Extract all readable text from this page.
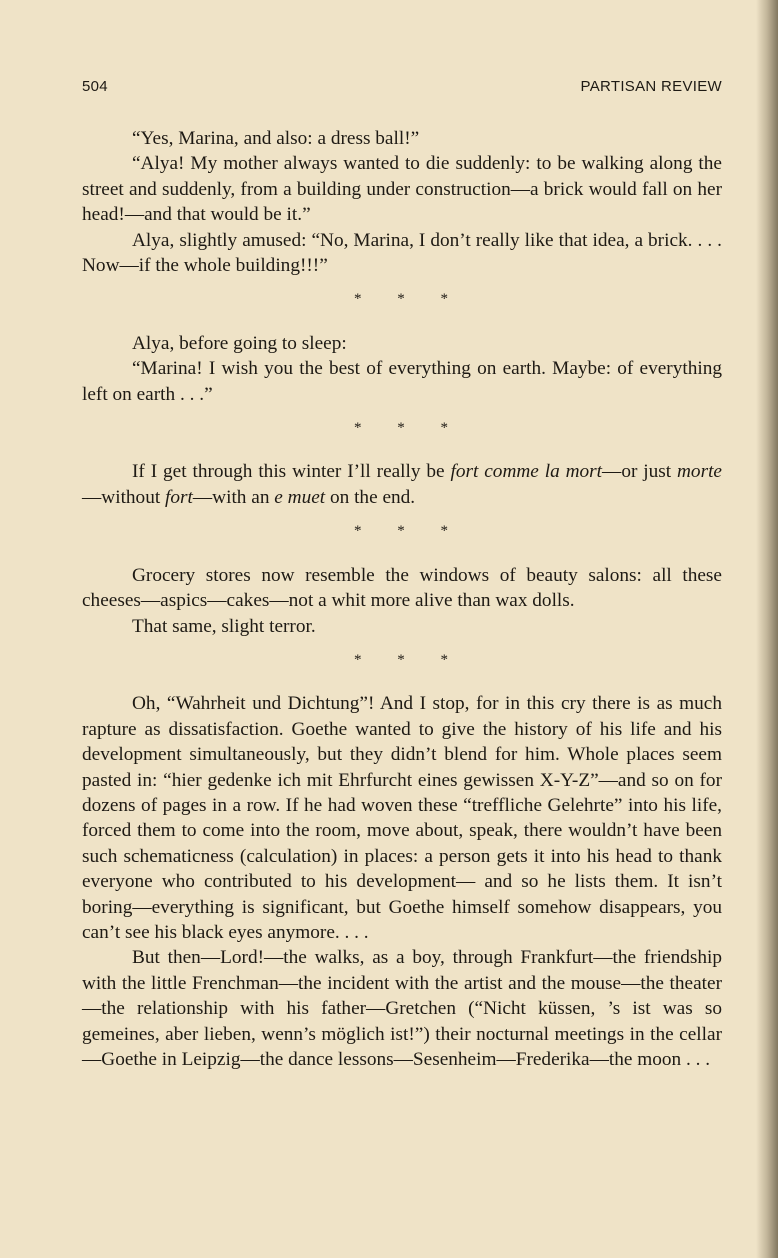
504	PARTISAN REVIEW

“Yes, Marina, and also: a dress ball!”

“Alya! My mother always wanted to die suddenly: to be walking along the street and suddenly, from a building under construction—a brick would fall on her head!—and that would be it.”

Alya, slightly amused: “No, Marina, I don’t really like that idea, a brick. . . . Now—if the whole building!!!”

* * *

Alya, before going to sleep:

“Marina! I wish you the best of everything on earth. Maybe: of everything left on earth . . .”

* * *

If I get through this winter I’ll really be fort comme la mort—or just morte—without fort—with an e muet on the end.

* * *

Grocery stores now resemble the windows of beauty salons: all these cheeses—aspics—cakes—not a whit more alive than wax dolls.

That same, slight terror.

* * *

Oh, “Wahrheit und Dichtung”! And I stop, for in this cry there is as much rapture as dissatisfaction. Goethe wanted to give the history of his life and his development simultaneously, but they didn’t blend for him. Whole places seem pasted in: “hier gedenke ich mit Ehrfurcht eines gewissen X-Y-Z”—and so on for dozens of pages in a row. If he had woven these “treffliche Gelehrte” into his life, forced them to come into the room, move about, speak, there wouldn’t have been such schematicness (calculation) in places: a person gets it into his head to thank everyone who contributed to his development— and so he lists them. It isn’t boring—everything is significant, but Goethe himself somehow disappears, you can’t see his black eyes anymore. . . .

But then—Lord!—the walks, as a boy, through Frankfurt—the friendship with the little Frenchman—the incident with the artist and the mouse—the theater—the relationship with his father—Gretchen (“Nicht küssen, ’s ist was so gemeines, aber lieben, wenn’s möglich ist!”) their nocturnal meetings in the cellar—Goethe in Leipzig—the dance lessons—Sesenheim—Frederika—the moon . . .
